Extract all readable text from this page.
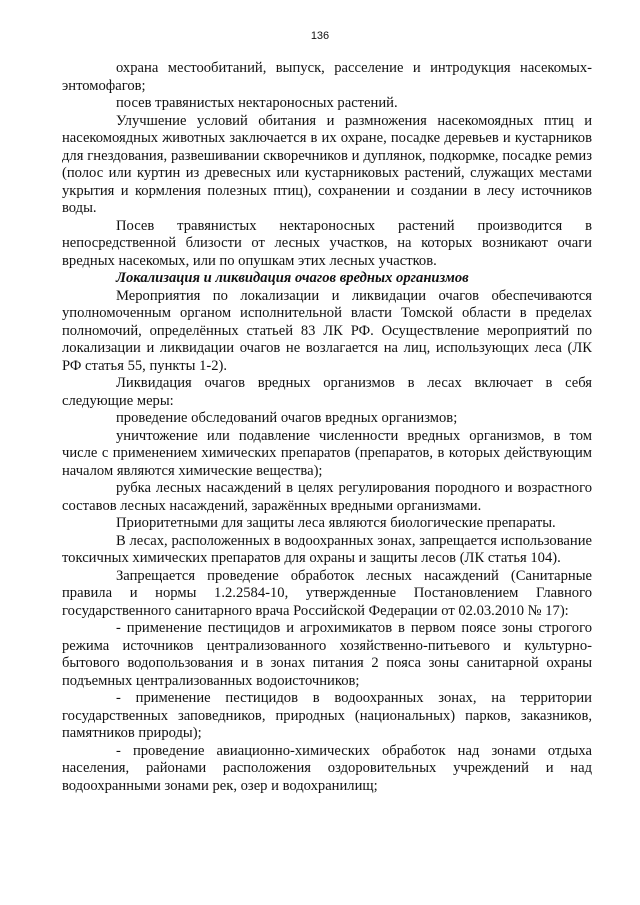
136

охрана местообитаний, выпуск, расселение и интродукция насекомых-энтомофагов;

посев травянистых нектароносных растений.

Улучшение условий обитания и размножения насекомоядных птиц и насекомоядных животных заключается в их охране, посадке деревьев и кустарников для гнездования, развешивании скворечников и дуплянок, подкормке, посадке ремиз (полос или куртин из древесных или кустарниковых растений, служащих местами укрытия и кормления полезных птиц), сохранении и создании в лесу источников воды.

Посев травянистых нектароносных растений производится в непосредственной близости от лесных участков, на которых возникают очаги вредных насекомых, или по опушкам этих лесных участков.

Локализация и ликвидация очагов вредных организмов

Мероприятия по локализации и ликвидации очагов обеспечиваются уполномоченным органом исполнительной власти Томской области в пределах полномочий, определённых статьей 83 ЛК РФ. Осуществление мероприятий по локализации и ликвидации очагов не возлагается на лиц, использующих леса (ЛК РФ статья 55, пункты 1-2).

Ликвидация очагов вредных организмов в лесах включает в себя следующие меры:

проведение обследований очагов вредных организмов;

уничтожение или подавление численности вредных организмов, в том числе с применением химических препаратов (препаратов, в которых действующим началом являются химические вещества);

рубка лесных насаждений в целях регулирования породного и возрастного составов лесных насаждений, заражённых вредными организмами.

Приоритетными для защиты леса являются биологические препараты.

В лесах, расположенных в водоохранных зонах, запрещается использование токсичных химических препаратов для охраны и защиты лесов (ЛК статья 104).

Запрещается проведение обработок лесных насаждений (Санитарные правила и нормы 1.2.2584-10, утвержденные Постановлением Главного государственного санитарного врача Российской Федерации от 02.03.2010 № 17):

- применение пестицидов и агрохимикатов в первом поясе зоны строгого режима источников централизованного хозяйственно-питьевого и культурно-бытового водопользования и в зонах питания 2 пояса зоны санитарной охраны подъемных централизованных водоисточников;

- применение пестицидов в водоохранных зонах, на территории государственных заповедников, природных (национальных) парков, заказников, памятников природы);

- проведение авиационно-химических обработок над зонами отдыха населения, районами расположения оздоровительных учреждений и над водоохранными зонами рек, озер и водохранилищ;
